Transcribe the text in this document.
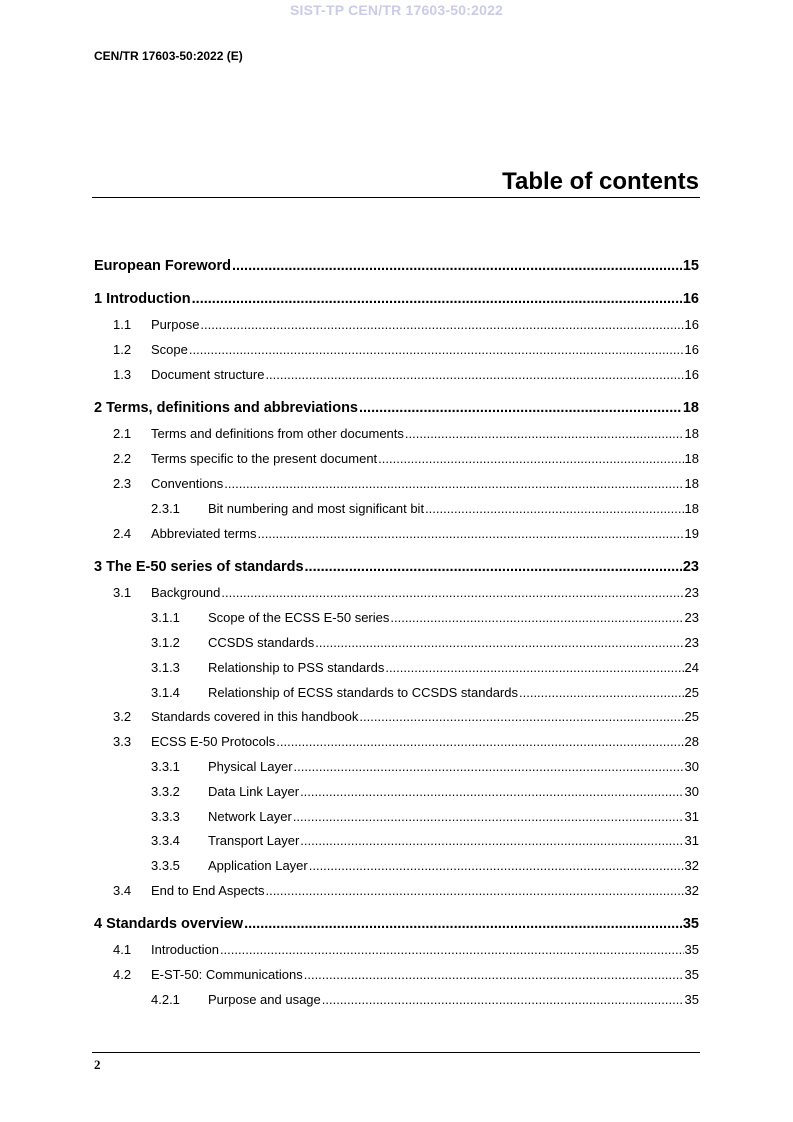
SIST-TP CEN/TR 17603-50:2022
CEN/TR 17603-50:2022 (E)
Table of contents
European Foreword .....	15
1 Introduction .....	16
1.1	Purpose .....	16
1.2	Scope .....	16
1.3	Document structure .....	16
2 Terms, definitions and abbreviations .....	18
2.1	Terms and definitions from other documents .....	18
2.2	Terms specific to the present document .....	18
2.3	Conventions .....	18
2.3.1	Bit numbering and most significant bit .....	18
2.4	Abbreviated terms .....	19
3 The E-50 series of standards .....	23
3.1	Background .....	23
3.1.1	Scope of the ECSS E-50 series .....	23
3.1.2	CCSDS standards .....	23
3.1.3	Relationship to PSS standards .....	24
3.1.4	Relationship of ECSS standards to CCSDS standards .....	25
3.2	Standards covered in this handbook .....	25
3.3	ECSS E-50 Protocols .....	28
3.3.1	Physical Layer .....	30
3.3.2	Data Link Layer .....	30
3.3.3	Network Layer .....	31
3.3.4	Transport Layer .....	31
3.3.5	Application Layer .....	32
3.4	End to End Aspects .....	32
4 Standards overview .....	35
4.1	Introduction .....	35
4.2	E-ST-50: Communications .....	35
4.2.1	Purpose and usage .....	35
2
